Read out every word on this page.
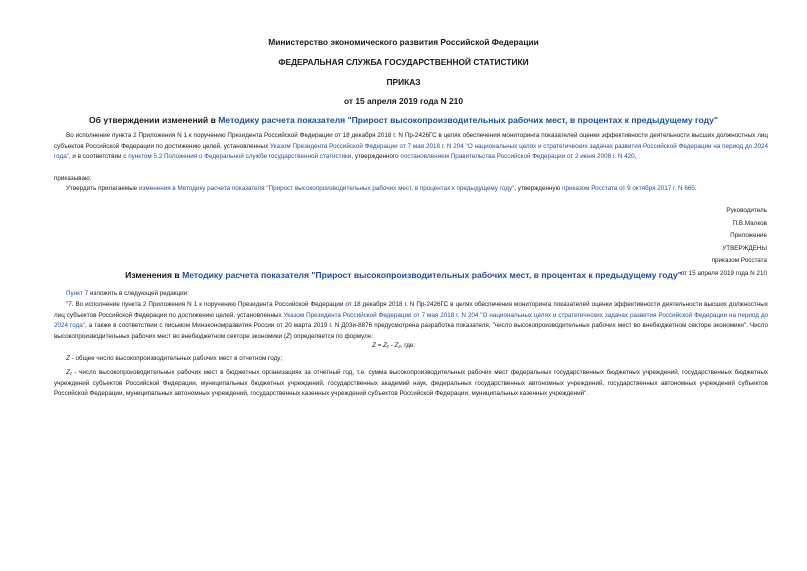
Министерство экономического развития Российской Федерации
ФЕДЕРАЛЬНАЯ СЛУЖБА ГОСУДАРСТВЕННОЙ СТАТИСТИКИ
ПРИКАЗ
от 15 апреля 2019 года N 210
Об утверждении изменений в Методику расчета показателя "Прирост высокопроизводительных рабочих мест, в процентах к предыдущему году"
Во исполнение пункта 2 Приложения N 1 к поручению Президента Российской Федерации от 18 декабря 2018 г. N Пр-2426ГС в целях обеспечения мониторинга показателей оценки эффективности деятельности высших должностных лиц субъектов Российской Федерации по достижению целей, установленных Указом Президента Российской Федерации от 7 мая 2018 г. N 204 "О национальных целях и стратегических задачах развития Российской Федерации на период до 2024 года", и в соответствии с пунктом 5.2 Положения о Федеральной службе государственной статистики, утвержденного постановлением Правительства Российской Федерации от 2 июня 2008 г. N 420,
приказываю:
Утвердить прилагаемые изменения в Методику расчета показателя "Прирост высокопроизводительных рабочих мест, в процентах к предыдущему году", утвержденную приказом Росстата от 9 октября 2017 г. N 665.
Руководитель
П.В.Малков
Приложение
УТВЕРЖДЕНЫ
приказом Росстата
от 15 апреля 2019 года N 210
Изменения в Методику расчета показателя "Прирост высокопроизводительных рабочих мест, в процентах к предыдущему году"
Пункт 7 изложить в следующей редакции:
"7. Во исполнение пункта 2 Приложения N 1 к поручению Президента Российской Федерации от 18 декабря 2018 г. N Пр-2426ГС в целях обеспечения мониторинга показателей оценки эффективности деятельности высших должностных лиц субъектов Российской Федерации по достижению целей, установленных Указом Президента Российской Федерации от 7 мая 2018 г. N 204 "О национальных целях и стратегических задачах развития Российской Федерации на период до 2024 года", а также в соответствии с письмом Минэкономразвития России от 20 марта 2019 г. N Д03и-8876 предусмотрена разработка показателя, "число высокопроизводительных рабочих мест во внебюджетном секторе экономики". Число высокопроизводительных рабочих мест во внебюджетном секторе экономики (Z) определяется по формуле:
Z = Z₁ - Z₂, где:
Z - общее число высокопроизводительных рабочих мест в отчетном году;
Z₁ - число высокопроизводительных рабочих мест в бюджетных организациях за отчетный год, т.е. сумма высокопроизводительных рабочих мест федеральных государственных бюджетных учреждений, государственных бюджетных учреждений субъектов Российской Федерации, муниципальных бюджетных учреждений, государственных академий наук, федеральных государственных автономных учреждений, государственных автономных учреждений субъектов Российской Федерации, муниципальных автономных учреждений, государственных казенных учреждений субъектов Российской Федерации, муниципальных казенных учреждений".
